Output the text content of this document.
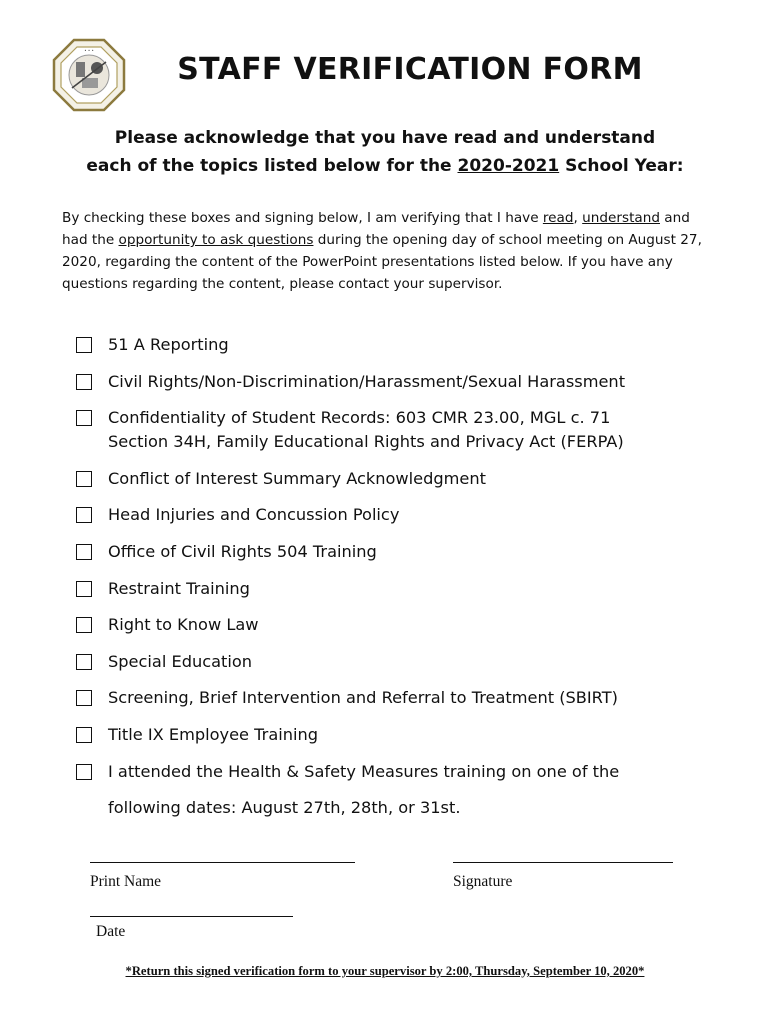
• • •
STAFF VERIFICATION FORM
Please acknowledge that you have read and understand
each of the topics listed below for the 2020-2021 School Year:
By checking these boxes and signing below, I am verifying that I have read, understand and had the opportunity to ask questions during the opening day of school meeting on August 27, 2020, regarding the content of the PowerPoint presentations listed below. If you have any questions regarding the content, please contact your supervisor.
51 A Reporting
Civil Rights/Non-Discrimination/Harassment/Sexual Harassment
Confidentiality of Student Records: 603 CMR 23.00, MGL c. 71
Section 34H, Family Educational Rights and Privacy Act (FERPA)
Conflict of Interest Summary Acknowledgment
Head Injuries and Concussion Policy
Office of Civil Rights 504 Training
Restraint Training
Right to Know Law
Special Education
Screening, Brief Intervention and Referral to Treatment (SBIRT)
Title IX Employee Training
I attended the Health & Safety Measures training on one of the
following dates: August 27th, 28th, or 31st.
Print Name	Signature
Date
*Return this signed verification form to your supervisor by 2:00, Thursday, September 10, 2020*
